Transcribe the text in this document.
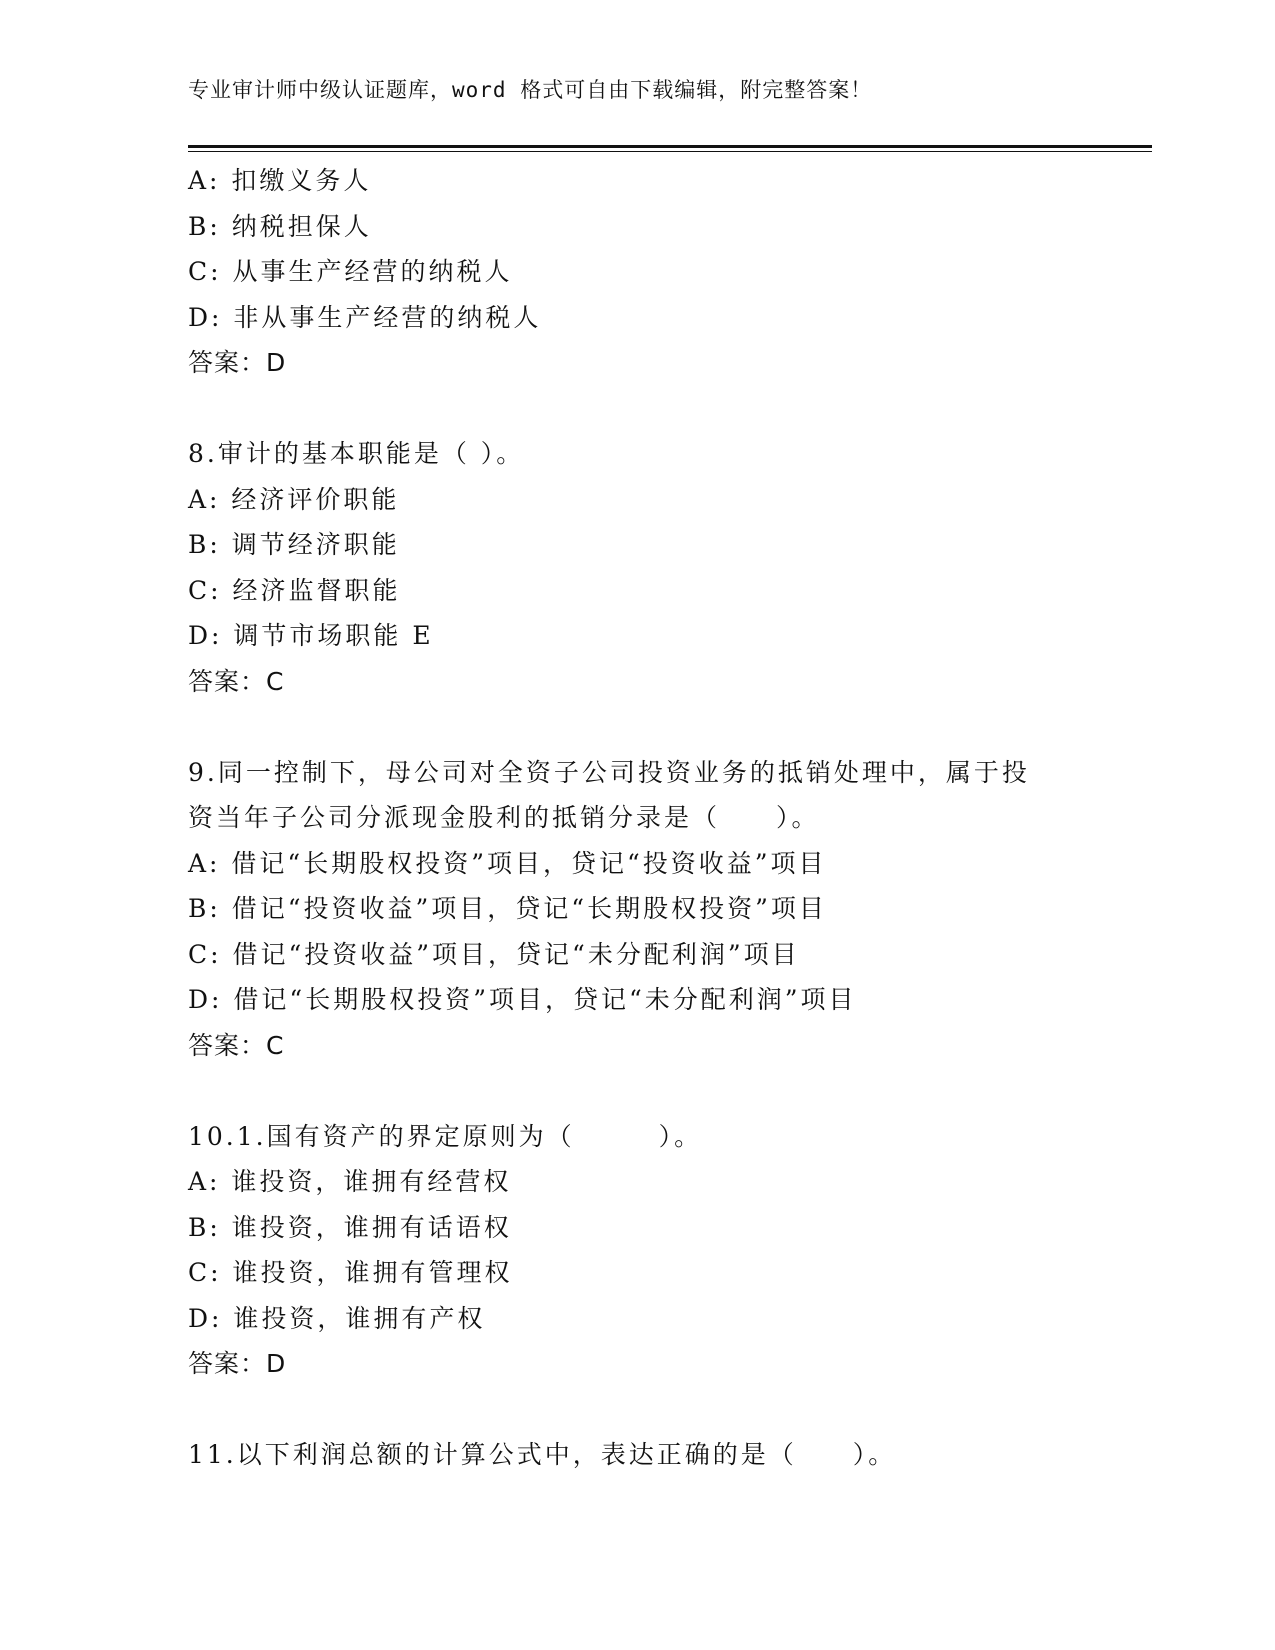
专业审计师中级认证题库，word 格式可自由下载编辑，附完整答案！
A: 扣缴义务人
B: 纳税担保人
C: 从事生产经营的纳税人
D: 非从事生产经营的纳税人
答案：D
8.审计的基本职能是（ ）。
A: 经济评价职能
B: 调节经济职能
C: 经济监督职能
D: 调节市场职能 E
答案：C
9.同一控制下，母公司对全资子公司投资业务的抵销处理中，属于投
资当年子公司分派现金股利的抵销分录是（　　）。
A: 借记“长期股权投资”项目，贷记“投资收益”项目
B: 借记“投资收益”项目，贷记“长期股权投资”项目
C: 借记“投资收益”项目，贷记“未分配利润”项目
D: 借记“长期股权投资”项目，贷记“未分配利润”项目
答案：C
10.1.国有资产的界定原则为（　　　）。
A: 谁投资，谁拥有经营权
B: 谁投资，谁拥有话语权
C: 谁投资，谁拥有管理权
D: 谁投资，谁拥有产权
答案：D
11.以下利润总额的计算公式中，表达正确的是（　　）。
